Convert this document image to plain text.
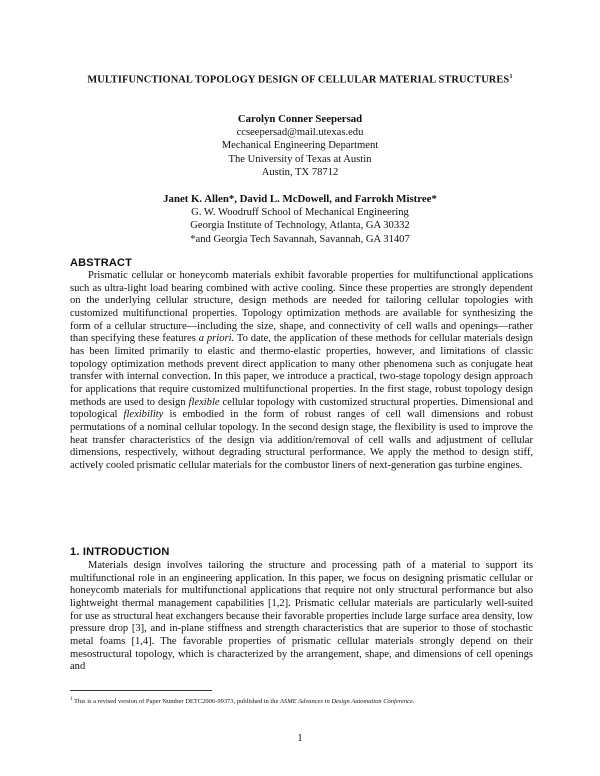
MULTIFUNCTIONAL TOPOLOGY DESIGN OF CELLULAR MATERIAL STRUCTURES$^1$
Carolyn Conner Seepersad
ccseepersad@mail.utexas.edu
Mechanical Engineering Department
The University of Texas at Austin
Austin, TX 78712
Janet K. Allen*, David L. McDowell, and Farrokh Mistree*
G. W. Woodruff School of Mechanical Engineering
Georgia Institute of Technology, Atlanta, GA 30332
*and Georgia Tech Savannah, Savannah, GA 31407
ABSTRACT
Prismatic cellular or honeycomb materials exhibit favorable properties for multifunctional applications such as ultra-light load bearing combined with active cooling. Since these properties are strongly dependent on the underlying cellular structure, design methods are needed for tailoring cellular topologies with customized multifunctional properties. Topology optimization methods are available for synthesizing the form of a cellular structure—including the size, shape, and connectivity of cell walls and openings—rather than specifying these features a priori. To date, the application of these methods for cellular materials design has been limited primarily to elastic and thermo-elastic properties, however, and limitations of classic topology optimization methods prevent direct application to many other phenomena such as conjugate heat transfer with internal convection. In this paper, we introduce a practical, two-stage topology design approach for applications that require customized multifunctional properties. In the first stage, robust topology design methods are used to design flexible cellular topology with customized structural properties. Dimensional and topological flexibility is embodied in the form of robust ranges of cell wall dimensions and robust permutations of a nominal cellular topology. In the second design stage, the flexibility is used to improve the heat transfer characteristics of the design via addition/removal of cell walls and adjustment of cellular dimensions, respectively, without degrading structural performance. We apply the method to design stiff, actively cooled prismatic cellular materials for the combustor liners of next-generation gas turbine engines.
1. INTRODUCTION
Materials design involves tailoring the structure and processing path of a material to support its multifunctional role in an engineering application. In this paper, we focus on designing prismatic cellular or honeycomb materials for multifunctional applications that require not only structural performance but also lightweight thermal management capabilities [1,2]. Prismatic cellular materials are particularly well-suited for use as structural heat exchangers because their favorable properties include large surface area density, low pressure drop [3], and in-plane stiffness and strength characteristics that are superior to those of stochastic metal foams [1,4]. The favorable properties of prismatic cellular materials strongly depend on their mesostructural topology, which is characterized by the arrangement, shape, and dimensions of cell openings and
$^1$ This is a revised version of Paper Number DETC2006-99373, published in the ASME Advances in Design Automation Conference.
1
